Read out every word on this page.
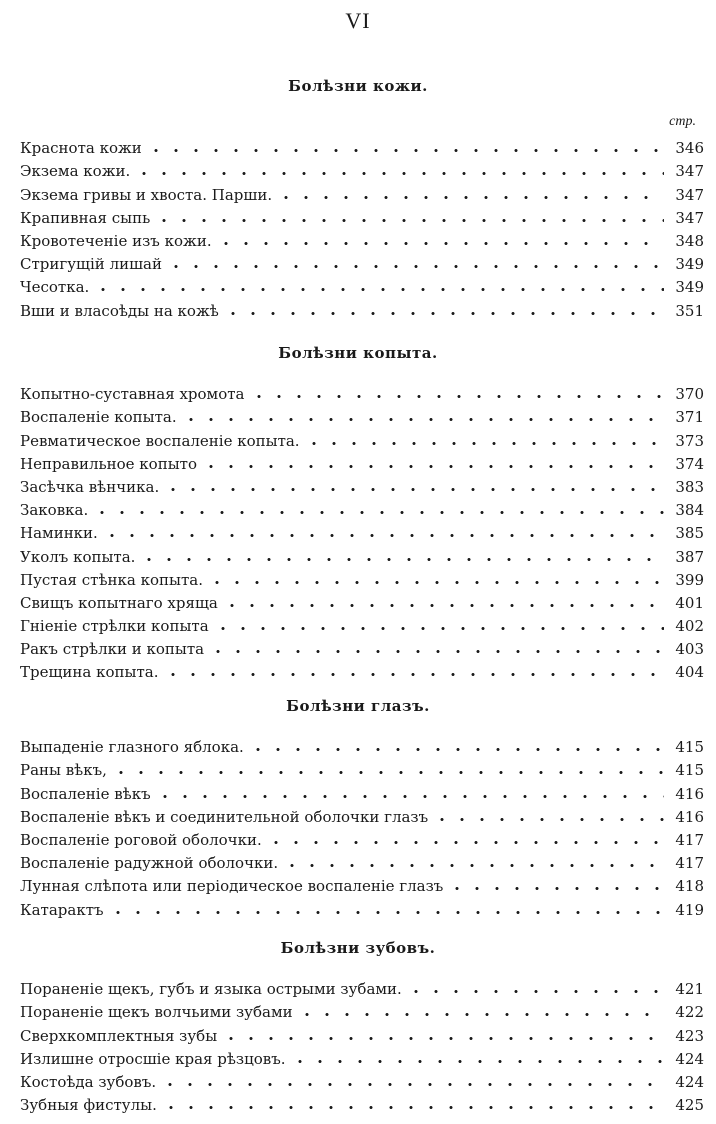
VI
Болѣзни кожи.
стр.
Краснота кожи	346
Экзема кожи.	347
Экзема гривы и хвоста. Парши.	347
Крапивная сыпь	347
Кровотеченіе изъ кожи.	348
Стригущій лишай	349
Чесотка.	349
Вши и власоѣды на кожѣ	351
Болѣзни копыта.
Копытно-суставная хромота	370
Воспаленіе копыта.	371
Ревматическое воспаленіе копыта.	373
Неправильное копыто	374
Засѣчка вѣнчика.	383
Заковка.	384
Наминки.	385
Уколъ копыта.	387
Пустая стѣнка копыта.	399
Свищъ копытнаго хряща	401
Гніеніе стрѣлки копыта	402
Ракъ стрѣлки и копыта	403
Трещина копыта.	404
Болѣзни глазъ.
Выпаденіе глазного яблока.	415
Раны вѣкъ,	415
Воспаленіе вѣкъ	416
Воспаленіе вѣкъ и соединительной оболочки глазъ	416
Воспаленіе роговой оболочки.	417
Воспаленіе радужной оболочки.	417
Лунная слѣпота или періодическое воспаленіе глазъ	418
Катарактъ	419
Болѣзни зубовъ.
Пораненіе щекъ, губъ и языка острыми зубами.	421
Пораненіе щекъ волчьими зубами	422
Сверхкомплектныя зубы	423
Излишне отросшіе края рѣзцовъ.	424
Костоѣда зубовъ.	424
Зубныя фистулы.	425
